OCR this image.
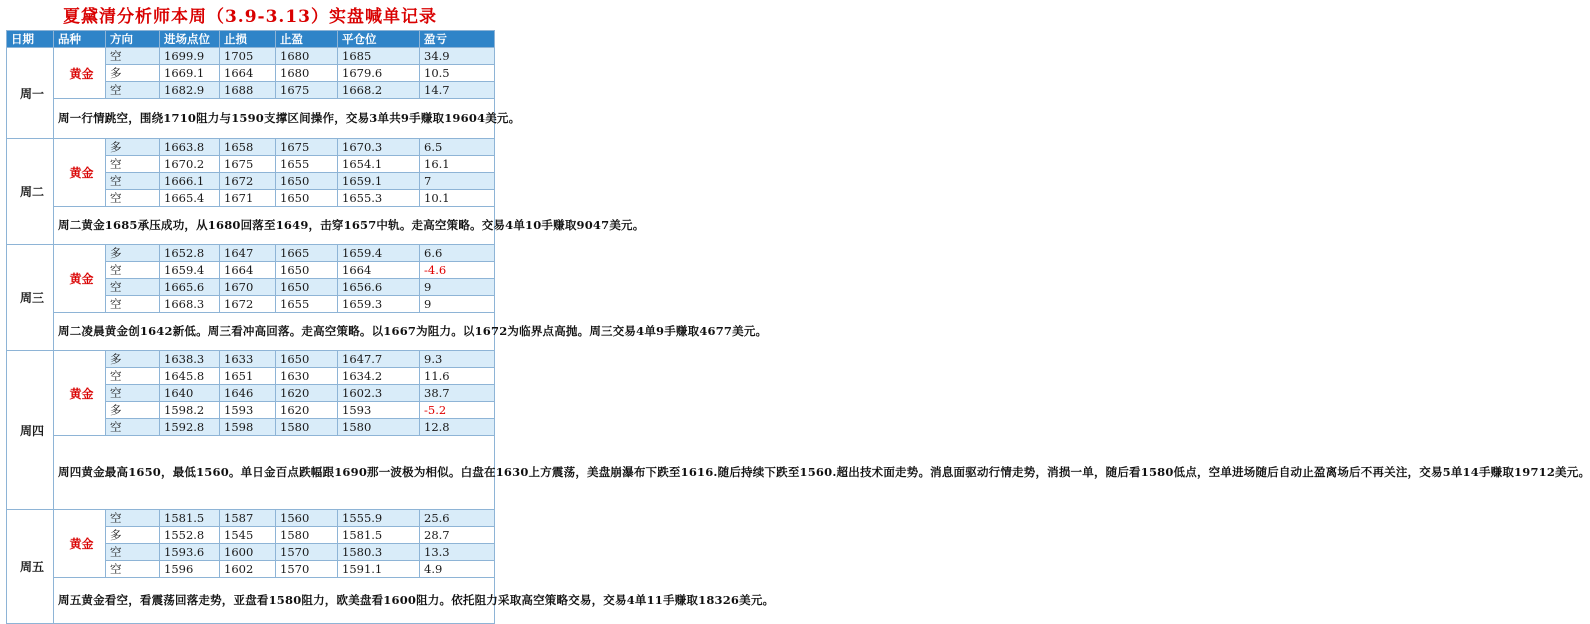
夏黛清分析师本周（3.9-3.13）实盘喊单记录
日期	品种	方向	进场点位	止损	止盈	平仓位	盈亏
周一	黄金	空	1699.9	1705	1680	1685	34.9
		多	1669.1	1664	1680	1679.6	10.5
		空	1682.9	1688	1675	1668.2	14.7
	周一行情跳空，围绕1710阻力与1590支撑区间操作，交易3单共9手赚取19604美元。						
周二	黄金	多	1663.8	1658	1675	1670.3	6.5
		空	1670.2	1675	1655	1654.1	16.1
		空	1666.1	1672	1650	1659.1	7
		空	1665.4	1671	1650	1655.3	10.1
	周二黄金1685承压成功，从1680回落至1649，击穿1657中轨。走高空策略。交易4单10手赚取9047美元。						
周三	黄金	多	1652.8	1647	1665	1659.4	6.6
		空	1659.4	1664	1650	1664	-4.6
		空	1665.6	1670	1650	1656.6	9
		空	1668.3	1672	1655	1659.3	9
	周二凌晨黄金创1642新低。周三看冲高回落。走高空策略。以1667为阻力。以1672为临界点高抛。周三交易4单9手赚取4677美元。						
周四	黄金	多	1638.3	1633	1650	1647.7	9.3
		空	1645.8	1651	1630	1634.2	11.6
		空	1640	1646	1620	1602.3	38.7
		多	1598.2	1593	1620	1593	-5.2
		空	1592.8	1598	1580	1580	12.8
	周四黄金最高1650，最低1560。单日金百点跌幅跟1690那一波极为相似。白盘在1630上方震荡，美盘崩瀑布下跌至1616.随后持续下跌至1560.超出技术面走势。消息面驱动行情走势，消损一单，随后看1580低点，空单进场随后自动止盈离场后不再关注，交易5单14手赚取19712美元。						
周五	黄金	空	1581.5	1587	1560	1555.9	25.6
		多	1552.8	1545	1580	1581.5	28.7
		空	1593.6	1600	1570	1580.3	13.3
		空	1596	1602	1570	1591.1	4.9
	周五黄金看空，看震荡回落走势，亚盘看1580阻力，欧美盘看1600阻力。依托阻力采取高空策略交易，交易4单11手赚取18326美元。						
